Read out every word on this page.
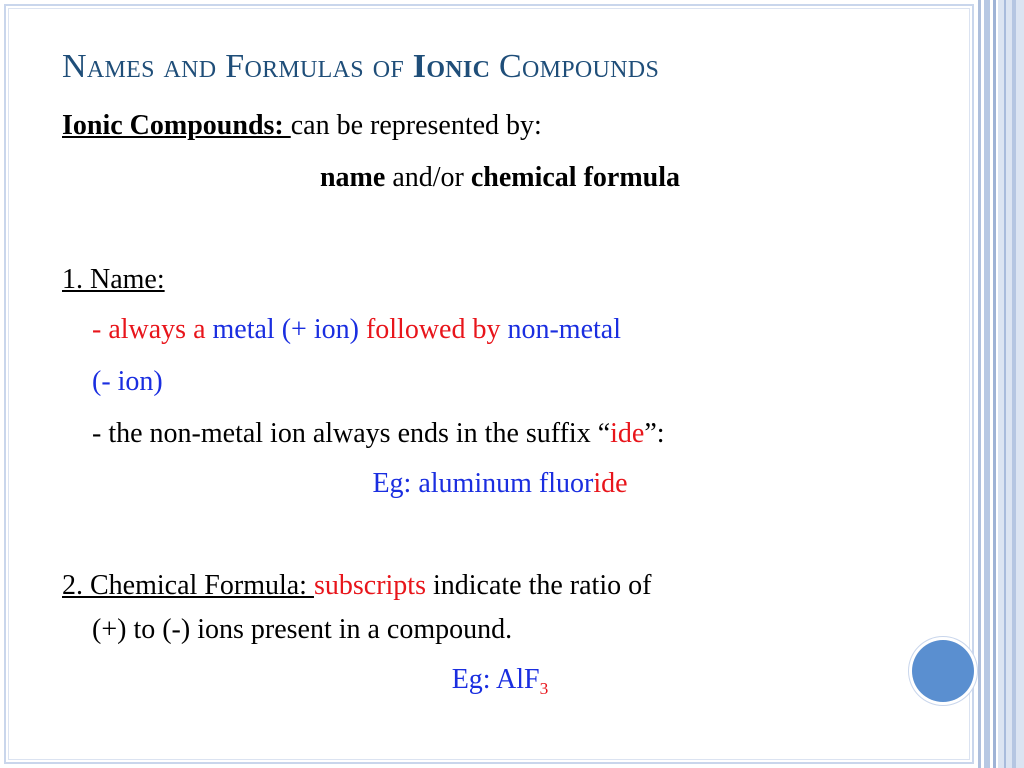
Names and Formulas of Ionic Compounds

Ionic Compounds: can be represented by:

name and/or chemical formula

1. Name:

- always a metal (+ ion) followed by non-metal

(- ion)

- the non-metal ion always ends in the suffix “ide”:

Eg: aluminum fluoride

2. Chemical Formula: subscripts indicate the ratio of

(+) to (-) ions present in a compound.

Eg: AlF$_3$
